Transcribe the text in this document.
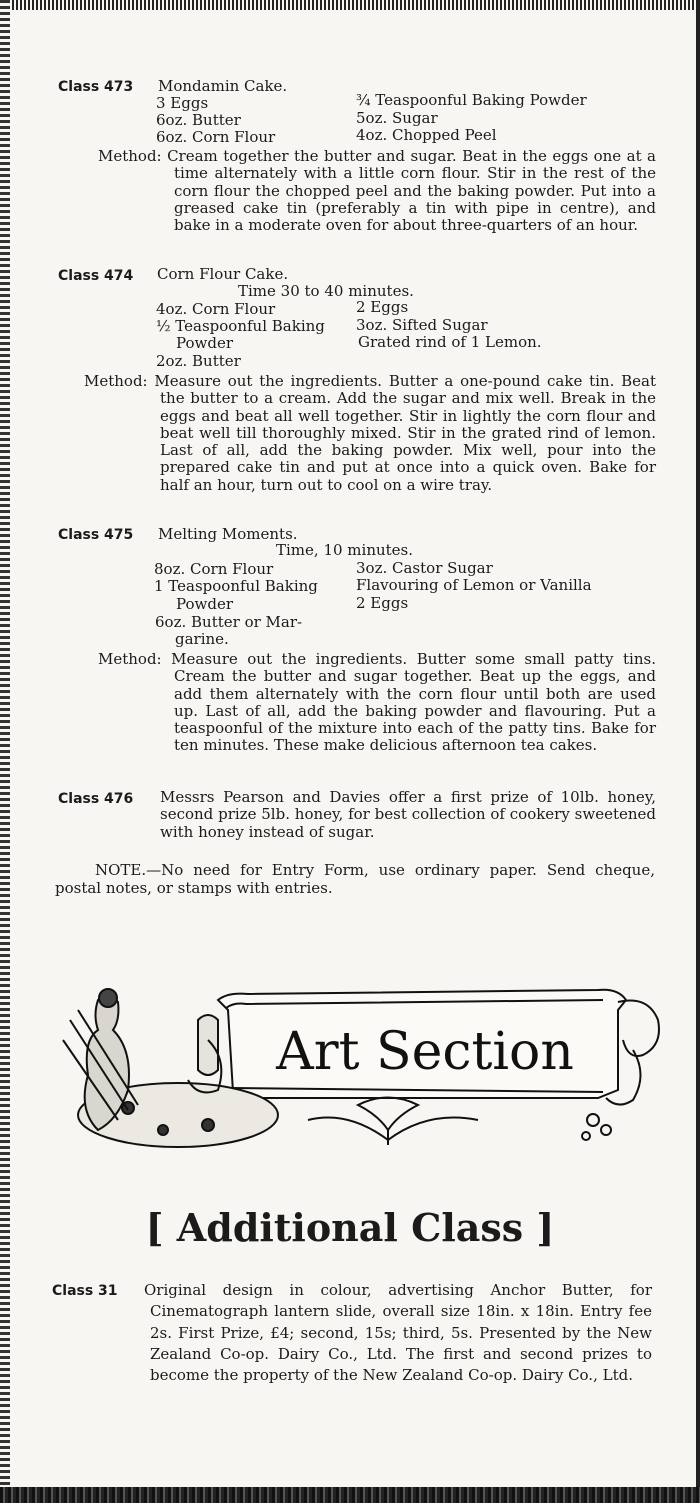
Class 473 Mondamin Cake.
3 Eggs
6oz. Butter
6oz. Corn Flour
¾ Teaspoonful Baking Powder
5oz. Sugar
4oz. Chopped Peel
Method: Cream together the butter and sugar. Beat in the eggs one at a time alternately with a little corn flour. Stir in the rest of the corn flour the chopped peel and the baking powder. Put into a greased cake tin (preferably a tin with pipe in centre), and bake in a moderate oven for about three-quarters of an hour.
Class 474 Corn Flour Cake.
Time 30 to 40 minutes.
4oz. Corn Flour
½ Teaspoonful Baking
Powder
2oz. Butter
2 Eggs
3oz. Sifted Sugar
Grated rind of 1 Lemon.
Method: Measure out the ingredients. Butter a one-pound cake tin. Beat the butter to a cream. Add the sugar and mix well. Break in the eggs and beat all well together. Stir in lightly the corn flour and beat well till thoroughly mixed. Stir in the grated rind of lemon. Last of all, add the baking powder. Mix well, pour into the prepared cake tin and put at once into a quick oven. Bake for half an hour, turn out to cool on a wire tray.
Class 475 Melting Moments.
Time, 10 minutes.
8oz. Corn Flour
1 Teaspoonful Baking
Powder
6oz. Butter or Mar-
garine.
3oz. Castor Sugar
Flavouring of Lemon or Vanilla
2 Eggs
Method: Measure out the ingredients. Butter some small patty tins. Cream the butter and sugar together. Beat up the eggs, and add them alternately with the corn flour until both are used up. Last of all, add the baking powder and flavouring. Put a teaspoonful of the mixture into each of the patty tins. Bake for ten minutes. These make delicious afternoon tea cakes.
Class 476 Messrs Pearson and Davies offer a first prize of 10lb. honey, second prize 5lb. honey, for best collection of cookery sweetened with honey instead of sugar.
NOTE.—No need for Entry Form, use ordinary paper. Send cheque, postal notes, or stamps with entries.
Art Section
[ Additional Class ]
Class 31 Original design in colour, advertising Anchor Butter, for Cinematograph lantern slide, overall size 18in. x 18in. Entry fee 2s. First Prize, £4; second, 15s; third, 5s. Presented by the New Zealand Co-op. Dairy Co., Ltd. The first and second prizes to become the property of the New Zealand Co-op. Dairy Co., Ltd.
